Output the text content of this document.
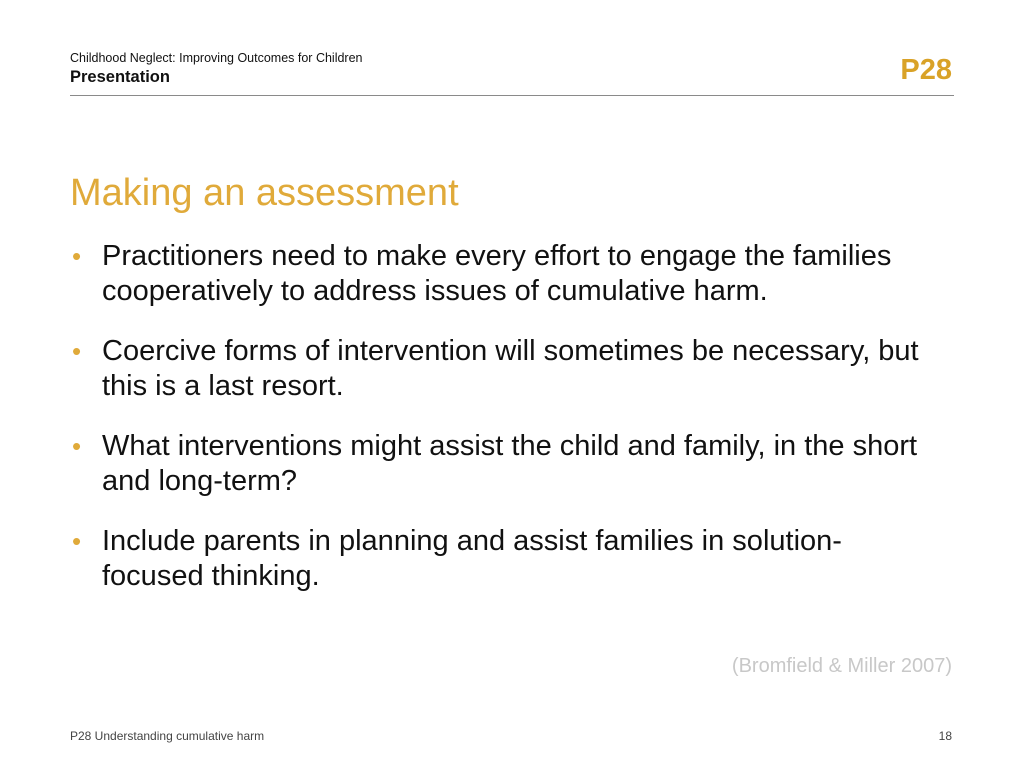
Childhood Neglect: Improving Outcomes for Children
Presentation	P28
Making an assessment
• Practitioners need to make every effort to engage the families cooperatively to address issues of cumulative harm.
• Coercive forms of intervention will sometimes be necessary, but this is a last resort.
• What interventions might assist the child and family, in the short and long-term?
• Include parents in planning and assist families in solution-focused thinking.
(Bromfield & Miller 2007)
P28 Understanding cumulative harm	18
